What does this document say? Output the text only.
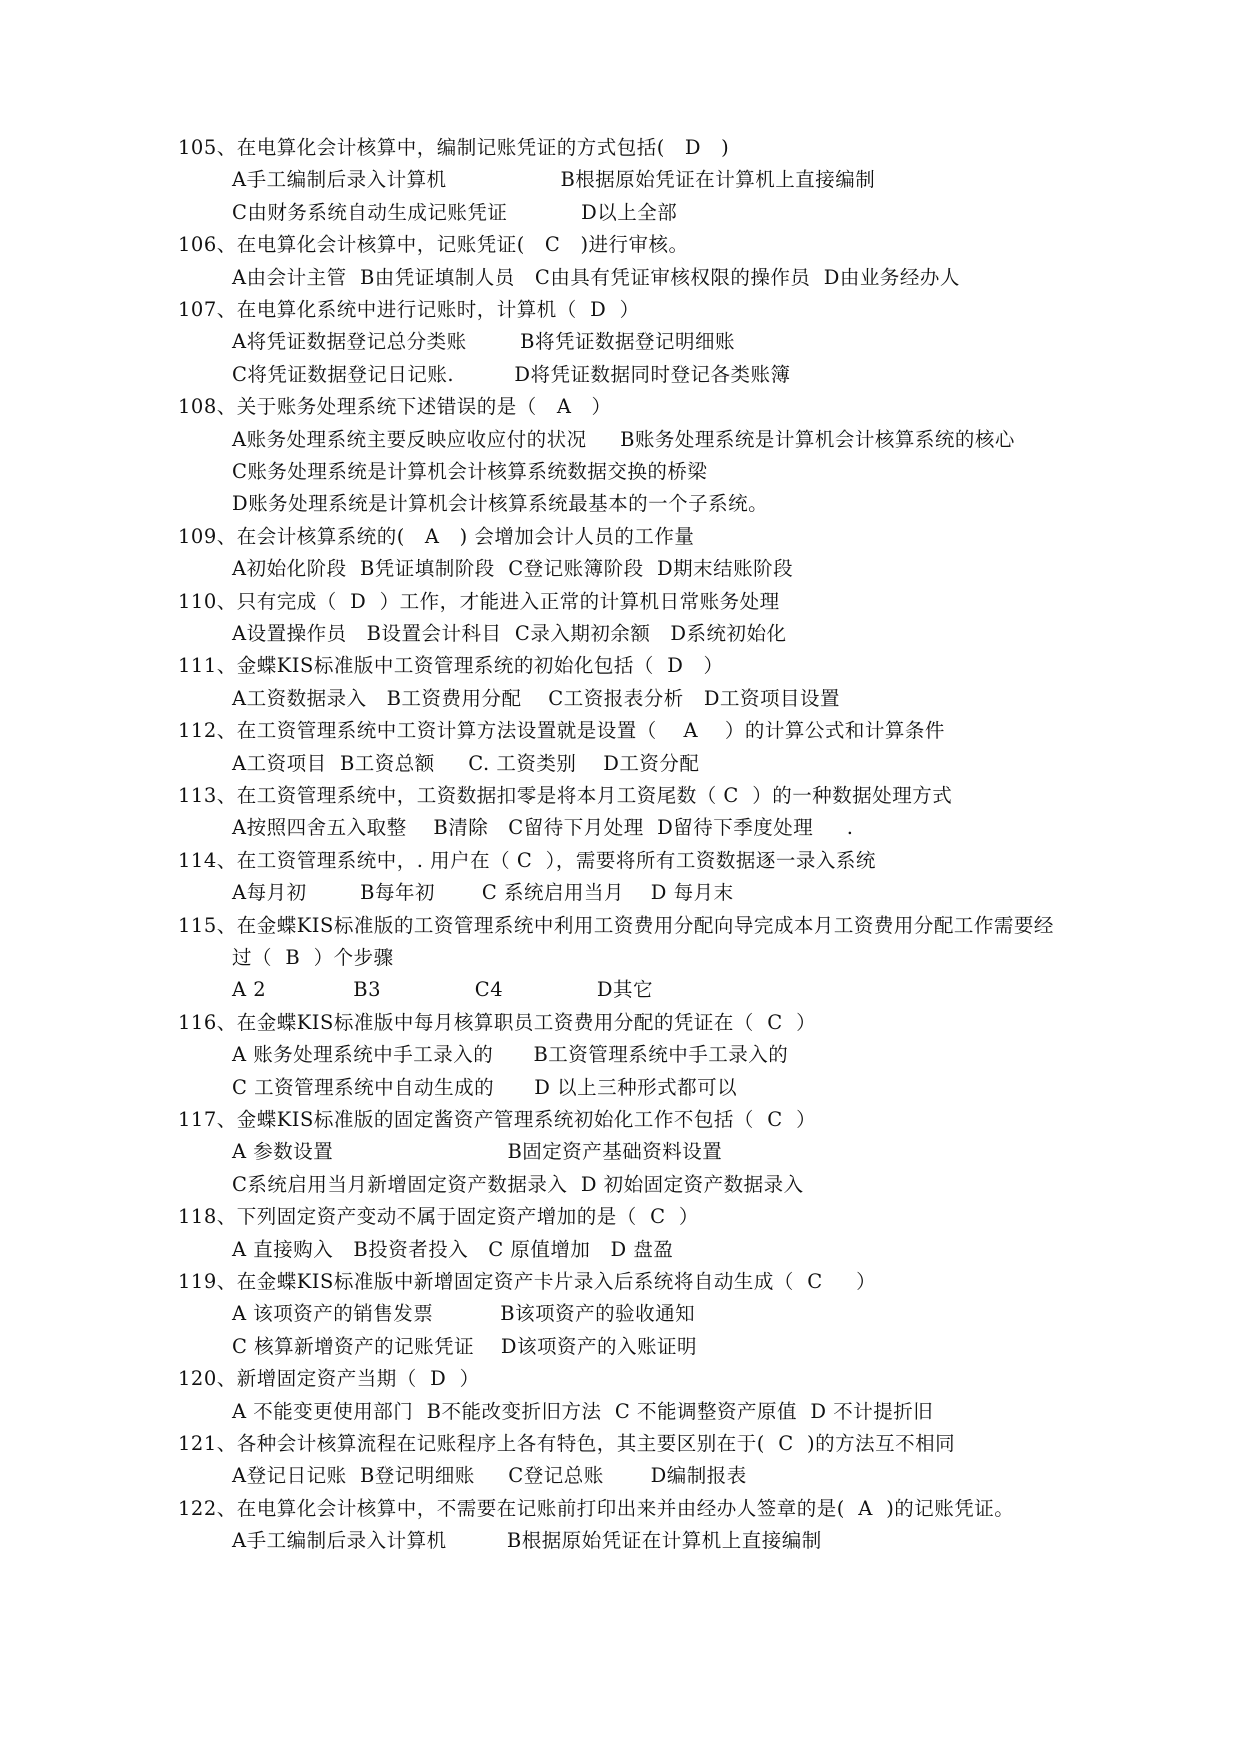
105、在电算化会计核算中，编制记账凭证的方式包括(   D   )
A手工编制后录入计算机                 B根据原始凭证在计算机上直接编制
C由财务系统自动生成记账凭证           D以上全部
106、在电算化会计核算中，记账凭证(   C   )进行审核。
A由会计主管  B由凭证填制人员   C由具有凭证审核权限的操作员  D由业务经办人
107、在电算化系统中进行记账时，计算机（  D  ）
A将凭证数据登记总分类账        B将凭证数据登记明细账
C将凭证数据登记日记账.         D将凭证数据同时登记各类账簿
108、关于账务处理系统下述错误的是（   A   ）
A账务处理系统主要反映应收应付的状况     B账务处理系统是计算机会计核算系统的核心
C账务处理系统是计算机会计核算系统数据交换的桥梁
D账务处理系统是计算机会计核算系统最基本的一个子系统。
109、在会计核算系统的(   A   ) 会增加会计人员的工作量
A初始化阶段  B凭证填制阶段  C登记账簿阶段  D期末结账阶段
110、只有完成（  D  ）工作，才能进入正常的计算机日常账务处理
A设置操作员   B设置会计科目  C录入期初余额   D系统初始化
111、金蝶KIS标准版中工资管理系统的初始化包括（  D   ）
A工资数据录入   B工资费用分配    C工资报表分析   D工资项目设置
112、在工资管理系统中工资计算方法设置就是设置（    A    ）的计算公式和计算条件
A工资项目  B工资总额     C. 工资类别    D工资分配
113、在工资管理系统中，工资数据扣零是将本月工资尾数（ C  ）的一种数据处理方式
A按照四舍五入取整    B清除   C留待下月处理  D留待下季度处理     .
114、在工资管理系统中，. 用户在（ C  ），需要将所有工资数据逐一录入系统
A每月初        B每年初       C 系统启用当月    D 每月末
115、在金蝶KIS标准版的工资管理系统中利用工资费用分配向导完成本月工资费用分配工作需要经
过（  B  ）个步骤
A 2             B3              C4              D其它
116、在金蝶KIS标准版中每月核算职员工资费用分配的凭证在（  C  ）
A 账务处理系统中手工录入的      B工资管理系统中手工录入的
C 工资管理系统中自动生成的      D 以上三种形式都可以
117、金蝶KIS标准版的固定酱资产管理系统初始化工作不包括（  C  ）
A 参数设置                          B固定资产基础资料设置
C系统启用当月新增固定资产数据录入  D 初始固定资产数据录入
118、下列固定资产变动不属于固定资产增加的是（  C  ）
A 直接购入   B投资者投入   C 原值增加   D 盘盈
119、在金蝶KIS标准版中新增固定资产卡片录入后系统将自动生成（  C     ）
A 该项资产的销售发票          B该项资产的验收通知
C 核算新增资产的记账凭证    D该项资产的入账证明
120、新增固定资产当期（  D  ）
A 不能变更使用部门  B不能改变折旧方法  C 不能调整资产原值  D 不计提折旧
121、各种会计核算流程在记账程序上各有特色，其主要区别在于(  C  )的方法互不相同
A登记日记账  B登记明细账     C登记总账       D编制报表
122、在电算化会计核算中，不需要在记账前打印出来并由经办人签章的是(  A  )的记账凭证。
A手工编制后录入计算机         B根据原始凭证在计算机上直接编制
